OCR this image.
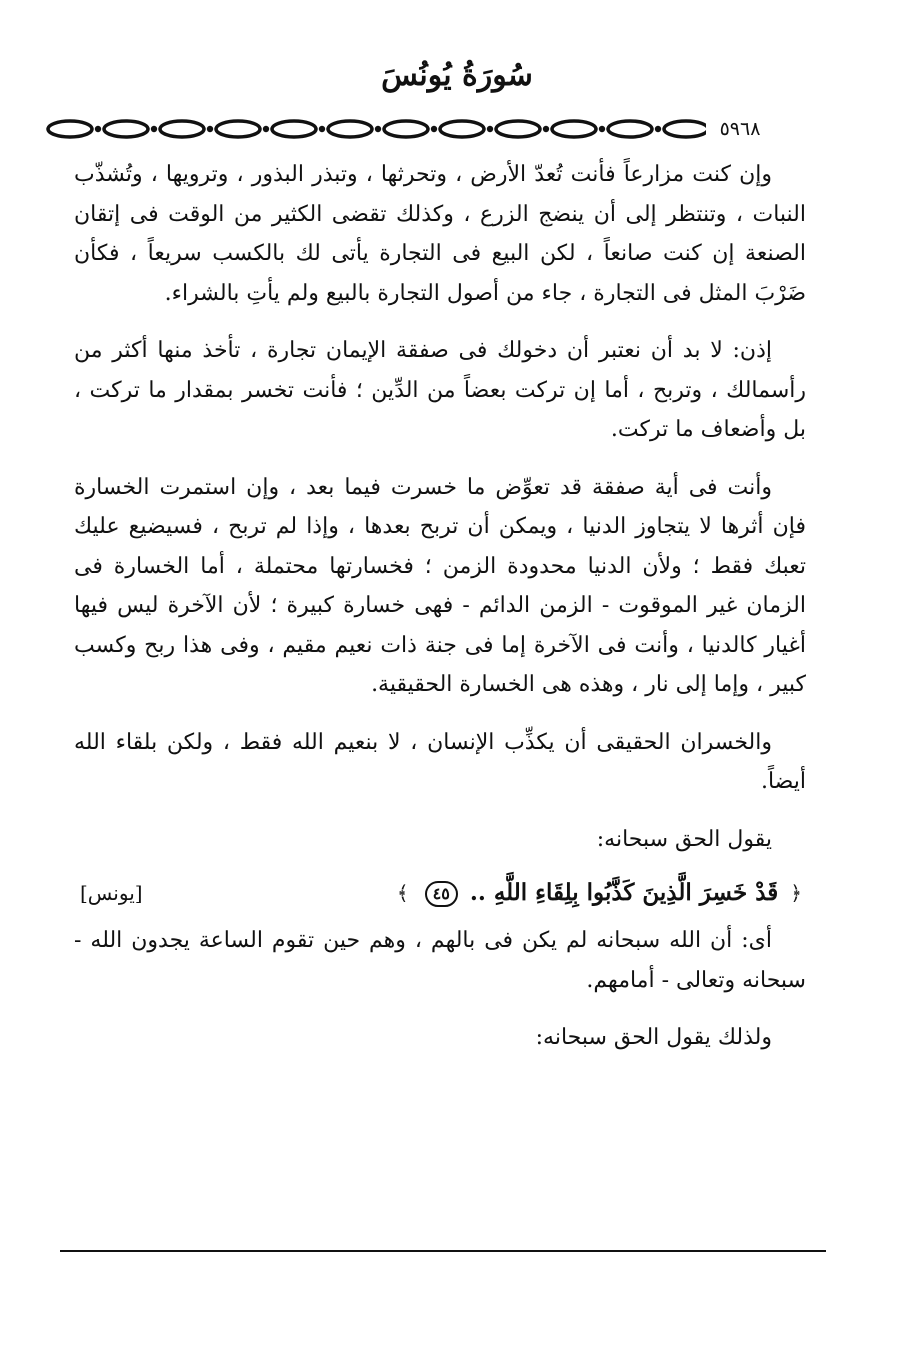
سُورَةُ يُونُسَ
٥٩٦٨

وإن كنت مزارعاً فأنت تُعدّ الأرض ، وتحرثها ، وتبذر البذور ، وترويها ، وتُشذّب النبات ، وتنتظر إلى أن ينضج الزرع ، وكذلك تقضى الكثير من الوقت فى إتقان الصنعة إن كنت صانعاً ، لكن البيع فى التجارة يأتى لك بالكسب سريعاً ، فكأن ضَرْبَ المثل فى التجارة ، جاء من أصول التجارة بالبيع ولم يأتِ بالشراء.

إذن: لا بد أن نعتبر أن دخولك فى صفقة الإيمان تجارة ، تأخذ منها أكثر من رأسمالك ، وتربح ، أما إن تركت بعضاً من الدِّين ؛ فأنت تخسر بمقدار ما تركت ، بل وأضعاف ما تركت.

وأنت فى أية صفقة قد تعوِّض ما خسرت فيما بعد ، وإن استمرت الخسارة فإن أثرها لا يتجاوز الدنيا ، ويمكن أن تربح بعدها ، وإذا لم تربح ، فسيضيع عليك تعبك فقط ؛ ولأن الدنيا محدودة الزمن ؛ فخسارتها محتملة ، أما الخسارة فى الزمان غير الموقوت - الزمن الدائم - فهى خسارة كبيرة ؛ لأن الآخرة ليس فيها أغيار كالدنيا ، وأنت فى الآخرة إما فى جنة ذات نعيم مقيم ، وفى هذا ربح وكسب كبير ، وإما إلى نار ، وهذه هى الخسارة الحقيقية.

والخسران الحقيقى أن يكذِّب الإنسان ، لا بنعيم الله فقط ، ولكن بلقاء الله أيضاً.

يقول الحق سبحانه:

﴿ قَدْ خَسِرَ الَّذِينَ كَذَّبُوا بِلِقَاءِ اللَّهِ .. ٤٥ ﴾
[يونس]

أى: أن الله سبحانه لم يكن فى بالهم ، وهم حين تقوم الساعة يجدون الله - سبحانه وتعالى - أمامهم.

ولذلك يقول الحق سبحانه:
